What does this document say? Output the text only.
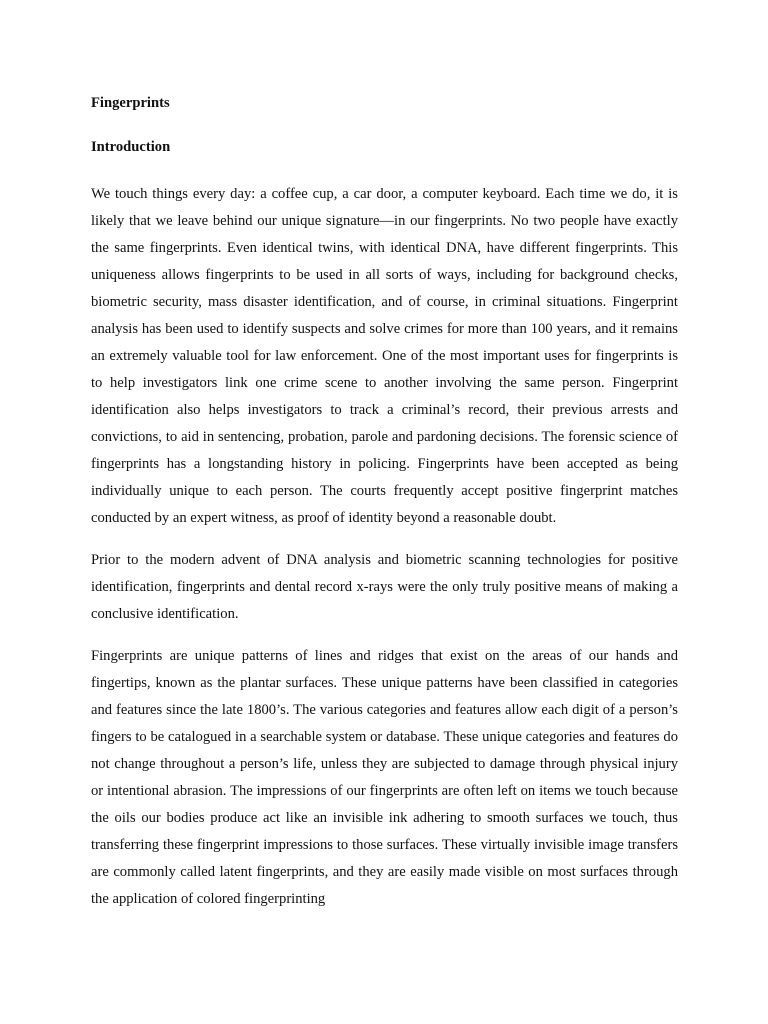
Fingerprints
Introduction

We touch things every day: a coffee cup, a car door, a computer keyboard. Each time we do, it is likely that we leave behind our unique signature—in our fingerprints. No two people have exactly the same fingerprints. Even identical twins, with identical DNA, have different fingerprints. This uniqueness allows fingerprints to be used in all sorts of ways, including for background checks, biometric security, mass disaster identification, and of course, in criminal situations. Fingerprint analysis has been used to identify suspects and solve crimes for more than 100 years, and it remains an extremely valuable tool for law enforcement. One of the most important uses for fingerprints is to help investigators link one crime scene to another involving the same person. Fingerprint identification also helps investigators to track a criminal’s record, their previous arrests and convictions, to aid in sentencing, probation, parole and pardoning decisions. The forensic science of fingerprints has a longstanding history in policing. Fingerprints have been accepted as being individually unique to each person. The courts frequently accept positive fingerprint matches conducted by an expert witness, as proof of identity beyond a reasonable doubt.

Prior to the modern advent of DNA analysis and biometric scanning technologies for positive identification, fingerprints and dental record x-rays were the only truly positive means of making a conclusive identification.

Fingerprints are unique patterns of lines and ridges that exist on the areas of our hands and fingertips, known as the plantar surfaces. These unique patterns have been classified in categories and features since the late 1800’s. The various categories and features allow each digit of a person’s fingers to be catalogued in a searchable system or database. These unique categories and features do not change throughout a person’s life, unless they are subjected to damage through physical injury or intentional abrasion. The impressions of our fingerprints are often left on items we touch because the oils our bodies produce act like an invisible ink adhering to smooth surfaces we touch, thus transferring these fingerprint impressions to those surfaces. These virtually invisible image transfers are commonly called latent fingerprints, and they are easily made visible on most surfaces through the application of colored fingerprinting
